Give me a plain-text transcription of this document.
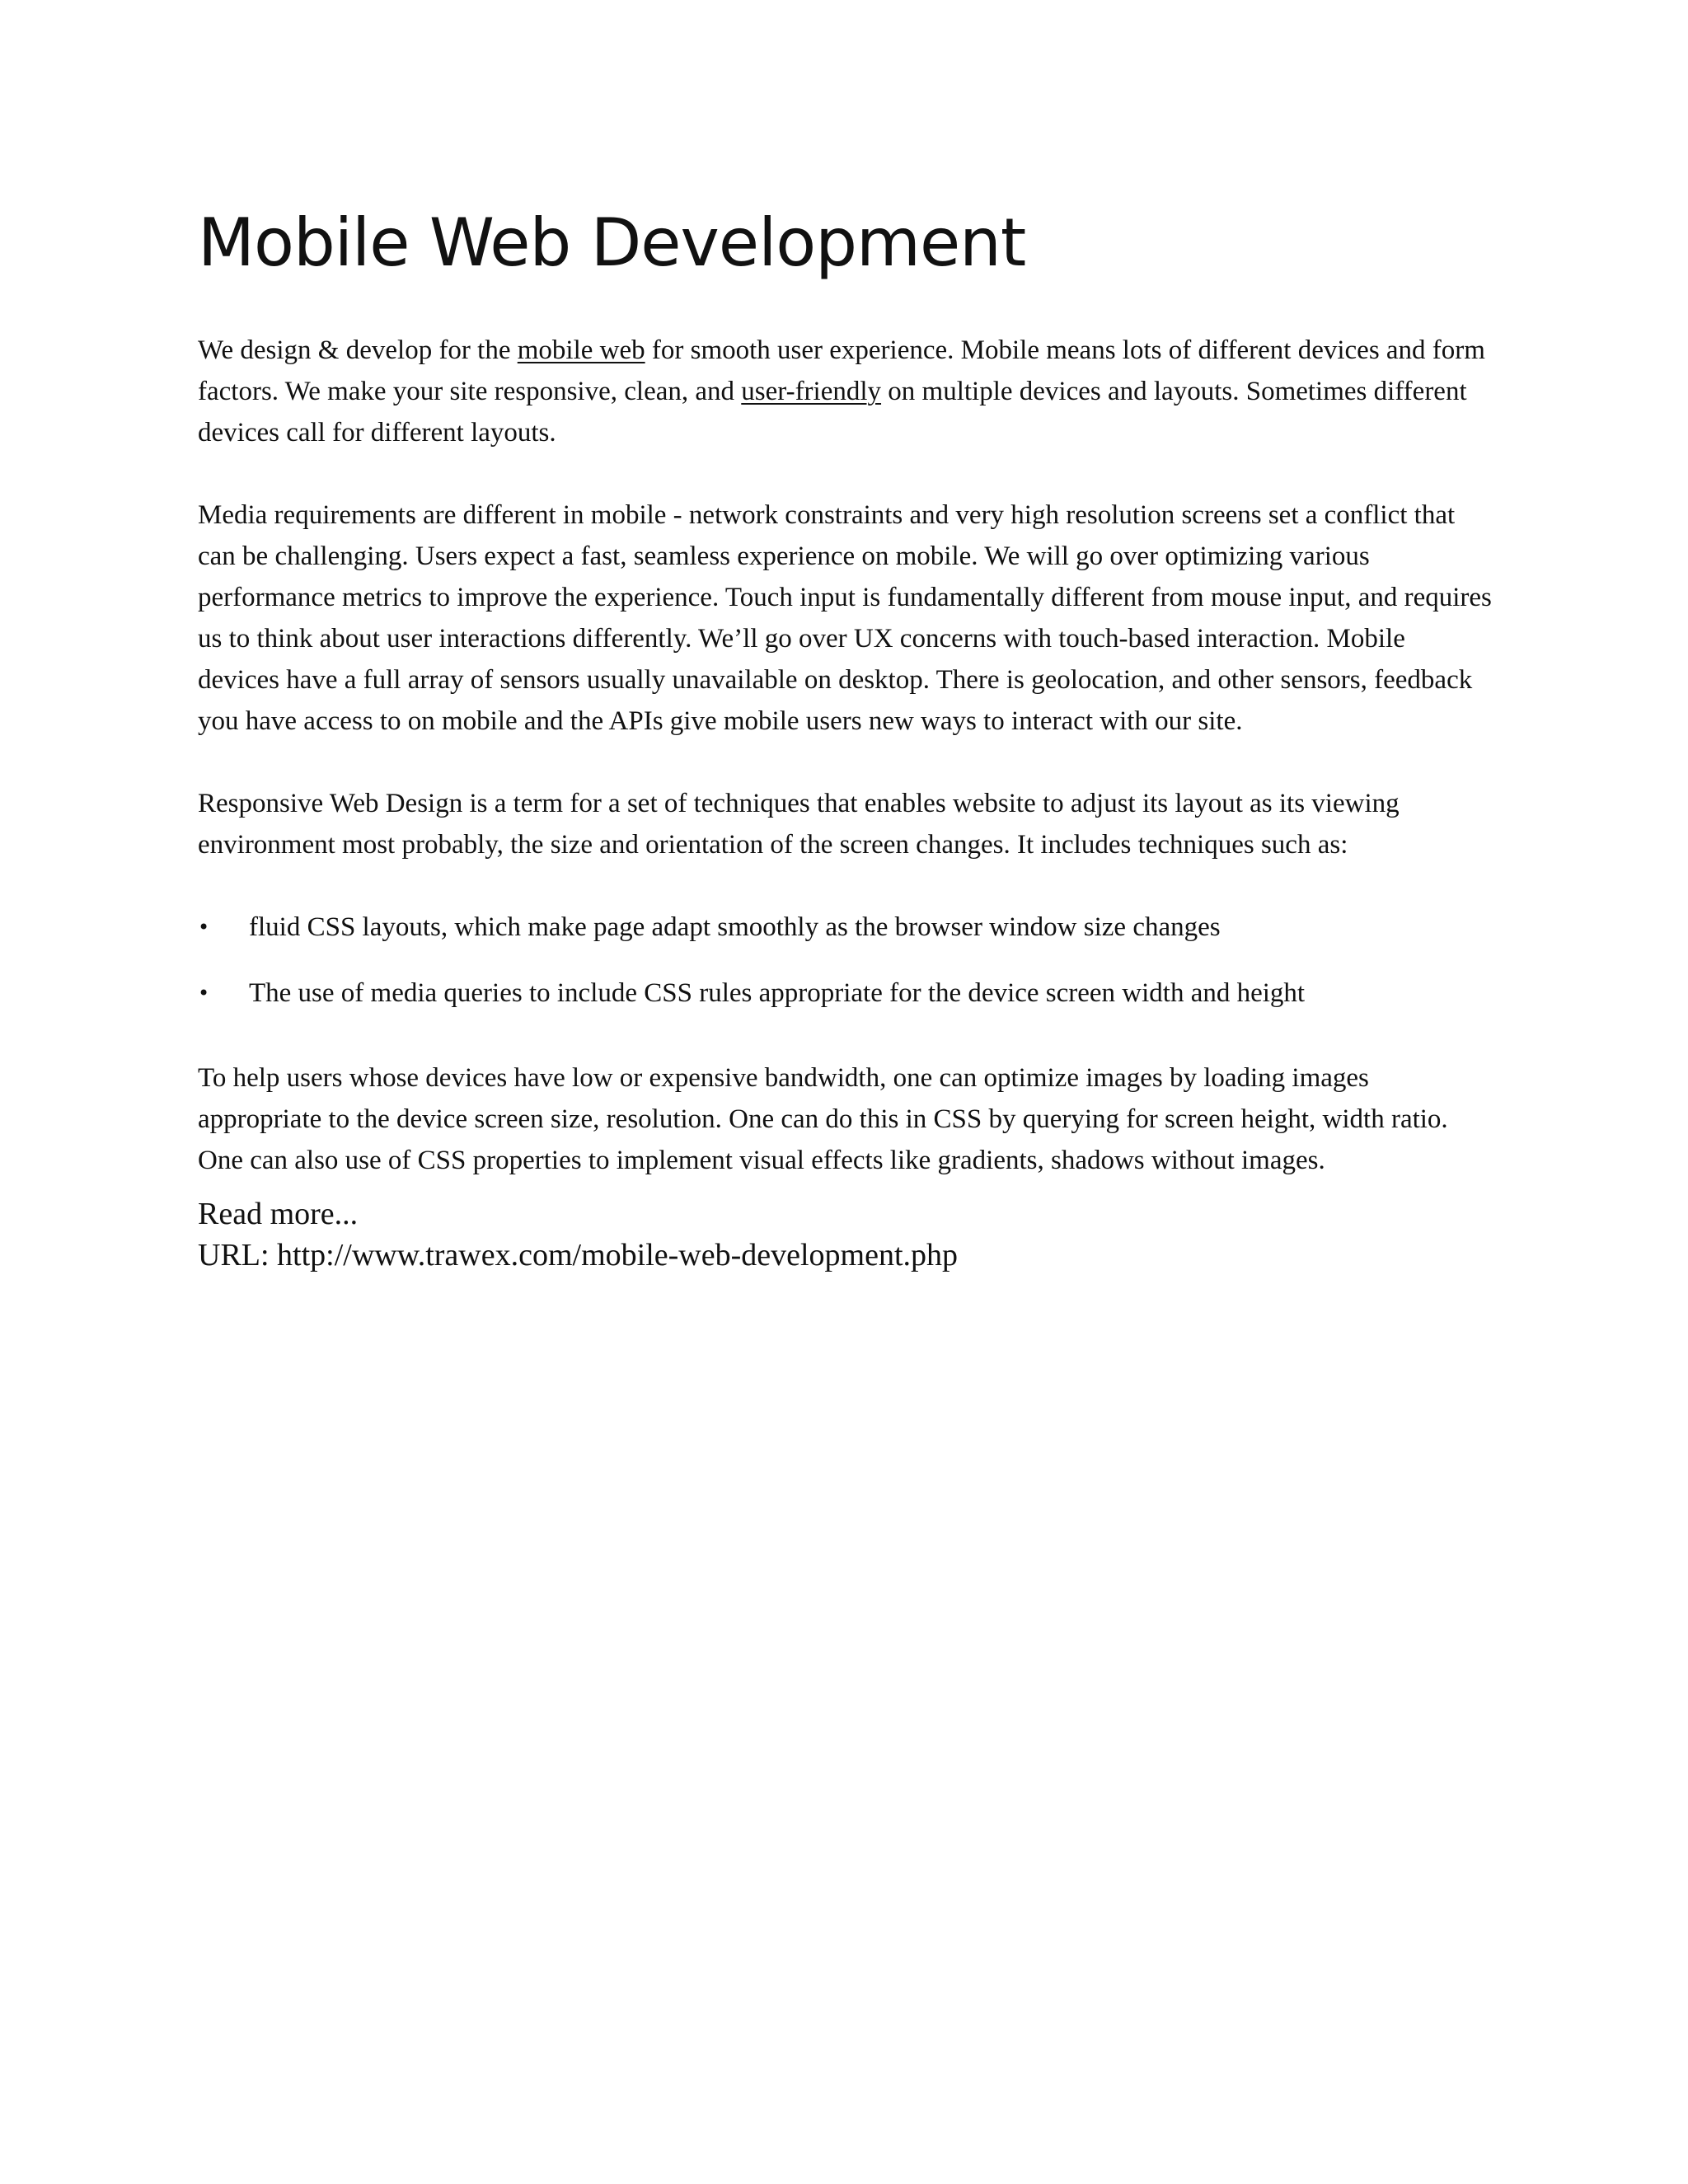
Mobile Web Development

We design & develop for the mobile web for smooth user experience. Mobile means lots of different devices and form factors. We make your site responsive, clean, and user-friendly on multiple devices and layouts. Sometimes different devices call for different layouts.

Media requirements are different in mobile - network constraints and very high resolution screens set a conflict that can be challenging. Users expect a fast, seamless experience on mobile. We will go over optimizing various performance metrics to improve the experience. Touch input is fundamentally different from mouse input, and requires us to think about user interactions differently. We’ll go over UX concerns with touch-based interaction. Mobile devices have a full array of sensors usually unavailable on desktop. There is geolocation, and other sensors, feedback you have access to on mobile and the APIs give mobile users new ways to interact with our site.

Responsive Web Design is a term for a set of techniques that enables website to adjust its layout as its viewing environment most probably, the size and orientation of the screen changes. It includes techniques such as:

• fluid CSS layouts, which make page adapt smoothly as the browser window size changes
• The use of media queries to include CSS rules appropriate for the device screen width and height

To help users whose devices have low or expensive bandwidth, one can optimize images by loading images appropriate to the device screen size, resolution. One can do this in CSS by querying for screen height, width ratio. One can also use of CSS properties to implement visual effects like gradients, shadows without images.

Read more...
URL: http://www.trawex.com/mobile-web-development.php
